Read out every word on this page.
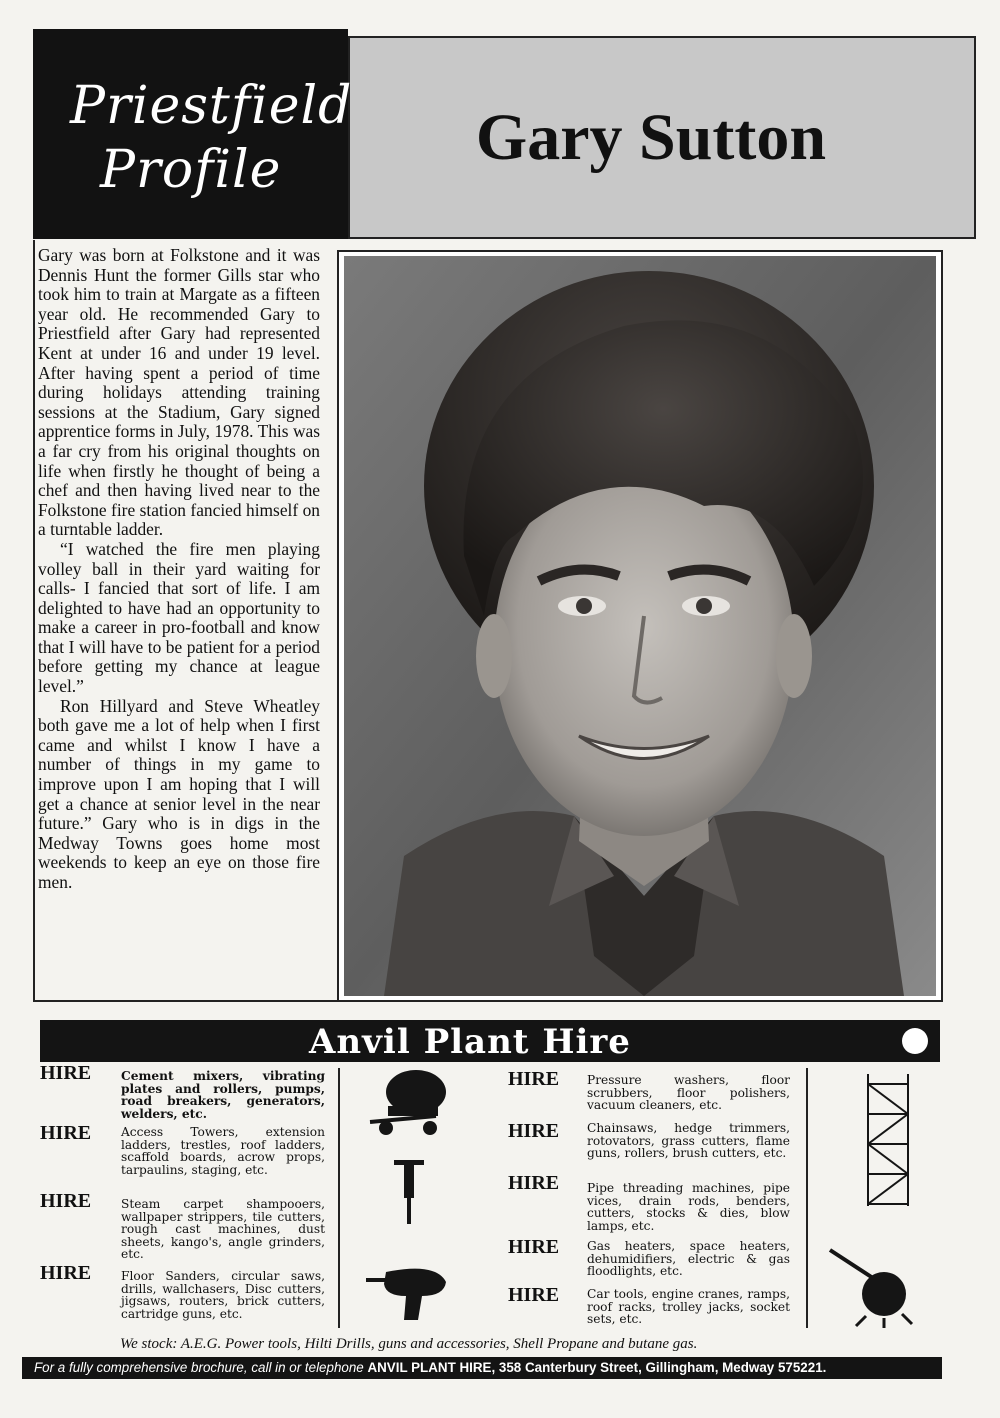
Priestfield
Profile	Gary Sutton

Gary was born at Folkstone and it was Dennis Hunt the former Gills star who took him to train at Margate as a fifteen year old. He recommended Gary to Priestfield after Gary had represented Kent at under 16 and under 19 level. After having spent a period of time during holidays attending training sessions at the Stadium, Gary signed apprentice forms in July, 1978. This was a far cry from his original thoughts on life when firstly he thought of being a chef and then having lived near to the Folkstone fire station fancied himself on a turntable ladder.

“I watched the fire men playing volley ball in their yard waiting for calls- I fancied that sort of life. I am delighted to have had an opportunity to make a career in pro-football and know that I will have to be patient for a period before getting my chance at league level.”

Ron Hillyard and Steve Wheatley both gave me a lot of help when I first came and whilst I know I have a number of things in my game to improve upon I am hoping that I will get a chance at senior level in the near future.” Gary who is in digs in the Medway Towns goes home most weekends to keep an eye on those fire men.

Anvil Plant Hire
HIRE Cement mixers, vibrating plates and rollers, pumps, road breakers, generators, welders, etc.
HIRE Access Towers, extension ladders, trestles, roof ladders, scaffold boards, acrow props, tarpaulins, staging, etc.
HIRE Steam carpet shampooers, wallpaper strippers, tile cutters, rough cast machines, dust sheets, kango's, angle grinders, etc.
HIRE Floor Sanders, circular saws, drills, wallchasers, Disc cutters, jigsaws, routers, brick cutters, cartridge guns, etc.
HIRE Pressure washers, floor scrubbers, floor polishers, vacuum cleaners, etc.
HIRE Chainsaws, hedge trimmers, rotovators, grass cutters, flame guns, rollers, brush cutters, etc.
HIRE Pipe threading machines, pipe vices, drain rods, benders, cutters, stocks & dies, blow lamps, etc.
HIRE Gas heaters, space heaters, dehumidifiers, electric & gas floodlights, etc.
HIRE Car tools, engine cranes, ramps, roof racks, trolley jacks, socket sets, etc.
We stock: A.E.G. Power tools, Hilti Drills, guns and accessories, Shell Propane and butane gas.
For a fully comprehensive brochure, call in or telephone ANVIL PLANT HIRE, 358 Canterbury Street, Gillingham, Medway 575221.
